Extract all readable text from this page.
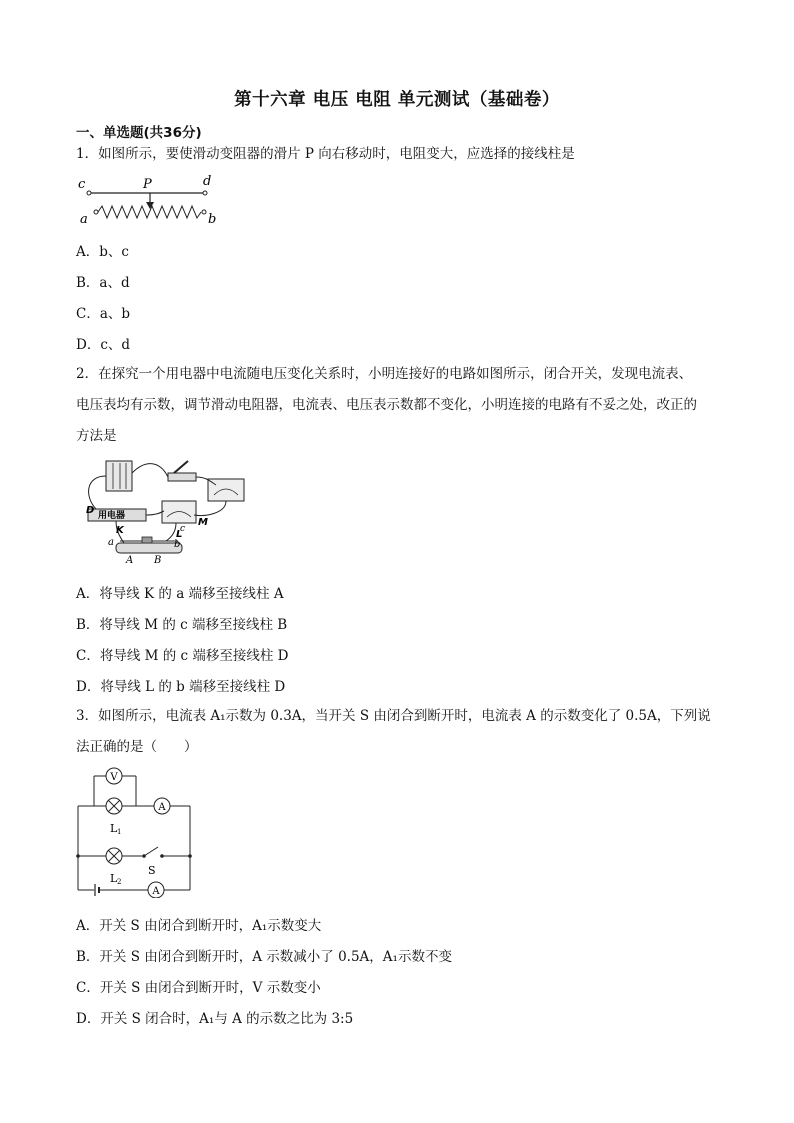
第十六章 电压 电阻 单元测试（基础卷）
一、单选题(共36分)
1．如图所示，要使滑动变阻器的滑片 P 向右移动时，电阻变大，应选择的接线柱是
c	d
P
a	b
A．b、c
B．a、d
C．a、b
D．c、d
2．在探究一个用电器中电流随电压变化关系时，小明连接好的电路如图所示，闭合开关，发现电流表、
电压表均有示数，调节滑动电阻器，电流表、电压表示数都不变化，小明连接的电路有不妥之处，改正的
方法是
D 用电器
K
M
L
a	b
c
A B
A．将导线 K 的 a 端移至接线柱 A
B．将导线 M 的 c 端移至接线柱 B
C．将导线 M 的 c 端移至接线柱 D
D．将导线 L 的 b 端移至接线柱 D
3．如图所示，电流表 A₁示数为 0.3A，当开关 S 由闭合到断开时，电流表 A 的示数变化了 0.5A，下列说
法正确的是（　　）
V
A
L 1
S
L 2
A
A．开关 S 由闭合到断开时，A₁示数变大
B．开关 S 由闭合到断开时，A 示数减小了 0.5A，A₁示数不变
C．开关 S 由闭合到断开时，V 示数变小
D．开关 S 闭合时，A₁与 A 的示数之比为 3:5
